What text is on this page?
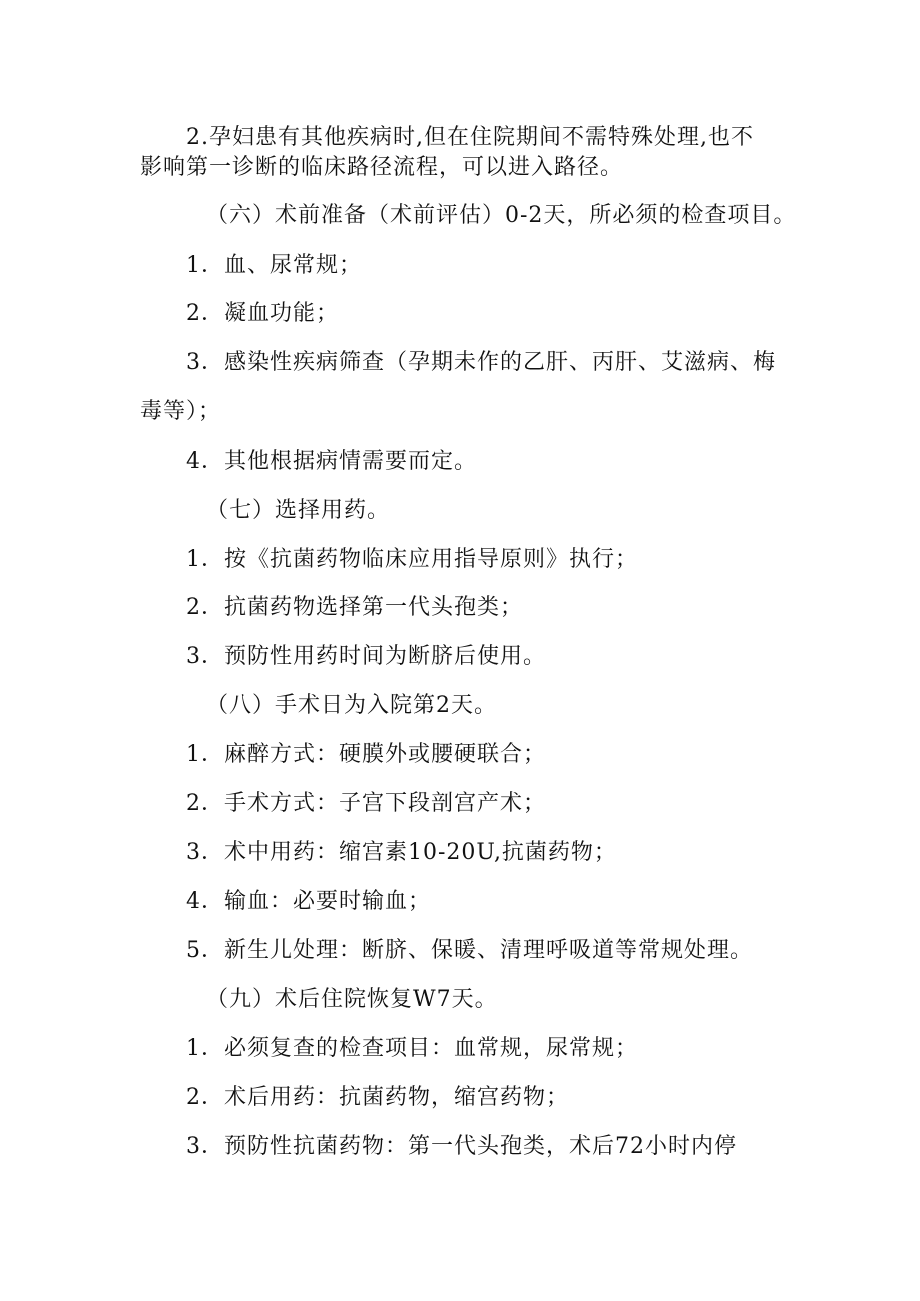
2.孕妇患有其他疾病时,但在住院期间不需特殊处理,也不
影响第一诊断的临床路径流程，可以进入路径。
（六）术前准备（术前评估）0-2天，所必须的检查项目。
1．血、尿常规；
2．凝血功能；
3．感染性疾病筛查（孕期未作的乙肝、丙肝、艾滋病、梅
毒等）；
4．其他根据病情需要而定。
（七）选择用药。
1．按《抗菌药物临床应用指导原则》执行；
2．抗菌药物选择第一代头孢类；
3．预防性用药时间为断脐后使用。
（八）手术日为入院第2天。
1．麻醉方式：硬膜外或腰硬联合；
2．手术方式：子宫下段剖宫产术；
3．术中用药：缩宫素10-20U,抗菌药物；
4．输血：必要时输血；
5．新生儿处理：断脐、保暖、清理呼吸道等常规处理。
（九）术后住院恢复W7天。
1．必须复查的检查项目：血常规，尿常规；
2．术后用药：抗菌药物，缩宫药物；
3．预防性抗菌药物：第一代头孢类，术后72小时内停
